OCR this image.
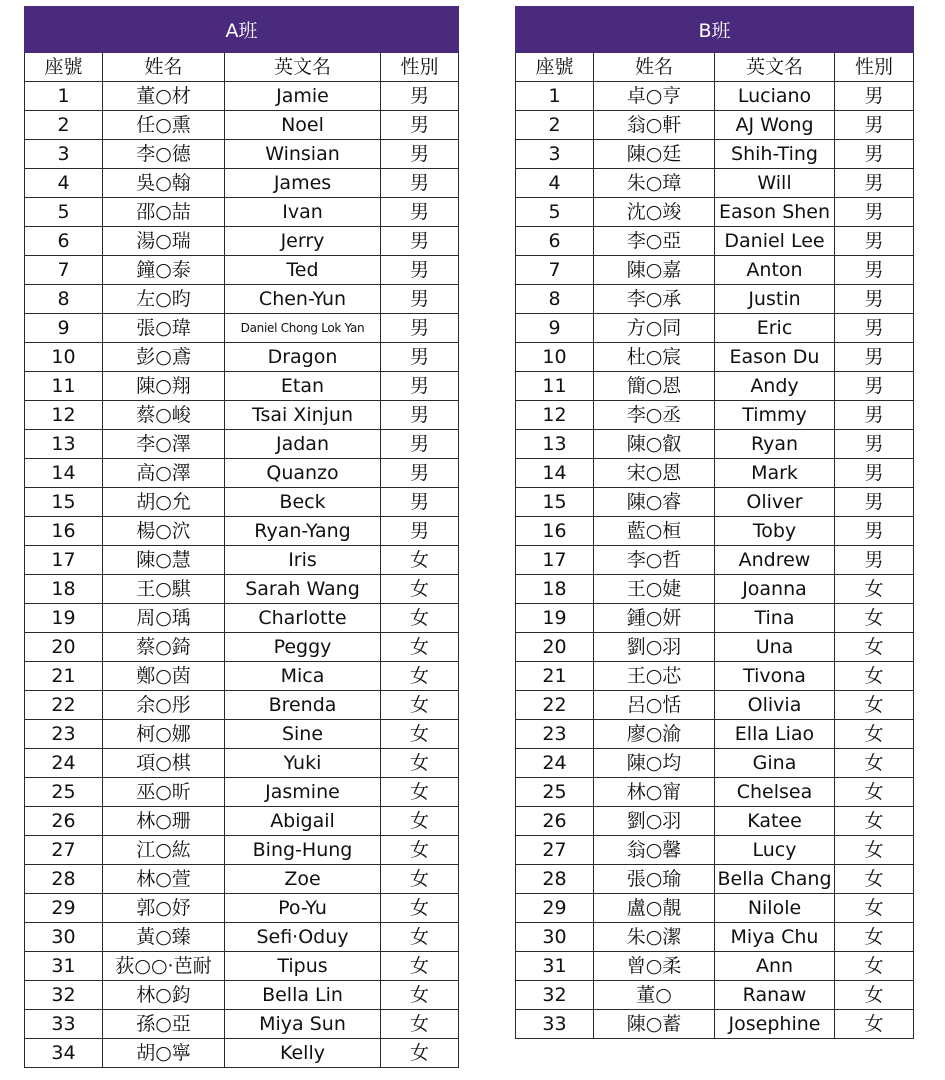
A班			
座號	姓名	英文名	性別
1	董○材	Jamie	男
2	任○熏	Noel	男
3	李○德	Winsian	男
4	吳○翰	James	男
5	邵○喆	Ivan	男
6	湯○瑞	Jerry	男
7	鐘○泰	Ted	男
8	左○昀	Chen-Yun	男
9	張○瑋	Daniel Chong Lok Yan	男
10	彭○鳶	Dragon	男
11	陳○翔	Etan	男
12	蔡○峻	Tsai Xinjun	男
13	李○澤	Jadan	男
14	高○澤	Quanzo	男
15	胡○允	Beck	男
16	楊○泬	Ryan-Yang	男
17	陳○慧	Iris	女
18	王○騏	Sarah Wang	女
19	周○瑀	Charlotte	女
20	蔡○錡	Peggy	女
21	鄭○茵	Mica	女
22	余○彤	Brenda	女
23	柯○娜	Sine	女
24	項○棋	Yuki	女
25	巫○昕	Jasmine	女
26	林○珊	Abigail	女
27	江○紘	Bing-Hung	女
28	林○萱	Zoe	女
29	郭○妤	Po-Yu	女
30	黃○臻	Sefi·Oduy	女
31	荻○○·芭耐	Tipus	女
32	林○鈞	Bella Lin	女
33	孫○亞	Miya Sun	女
34	胡○寧	Kelly	女
B班			
座號	姓名	英文名	性別
1	卓○亨	Luciano	男
2	翁○軒	AJ Wong	男
3	陳○廷	Shih-Ting	男
4	朱○璋	Will	男
5	沈○竣	Eason Shen	男
6	李○亞	Daniel Lee	男
7	陳○嘉	Anton	男
8	李○承	Justin	男
9	方○同	Eric	男
10	杜○宸	Eason Du	男
11	簡○恩	Andy	男
12	李○丞	Timmy	男
13	陳○叡	Ryan	男
14	宋○恩	Mark	男
15	陳○睿	Oliver	男
16	藍○桓	Toby	男
17	李○哲	Andrew	男
18	王○婕	Joanna	女
19	鍾○妍	Tina	女
20	劉○羽	Una	女
21	王○芯	Tivona	女
22	呂○恬	Olivia	女
23	廖○渝	Ella Liao	女
24	陳○均	Gina	女
25	林○甯	Chelsea	女
26	劉○羽	Katee	女
27	翁○馨	Lucy	女
28	張○瑜	Bella Chang	女
29	盧○靚	Nilole	女
30	朱○潔	Miya Chu	女
31	曾○柔	Ann	女
32	董○	Ranaw	女
33	陳○蓄	Josephine	女
